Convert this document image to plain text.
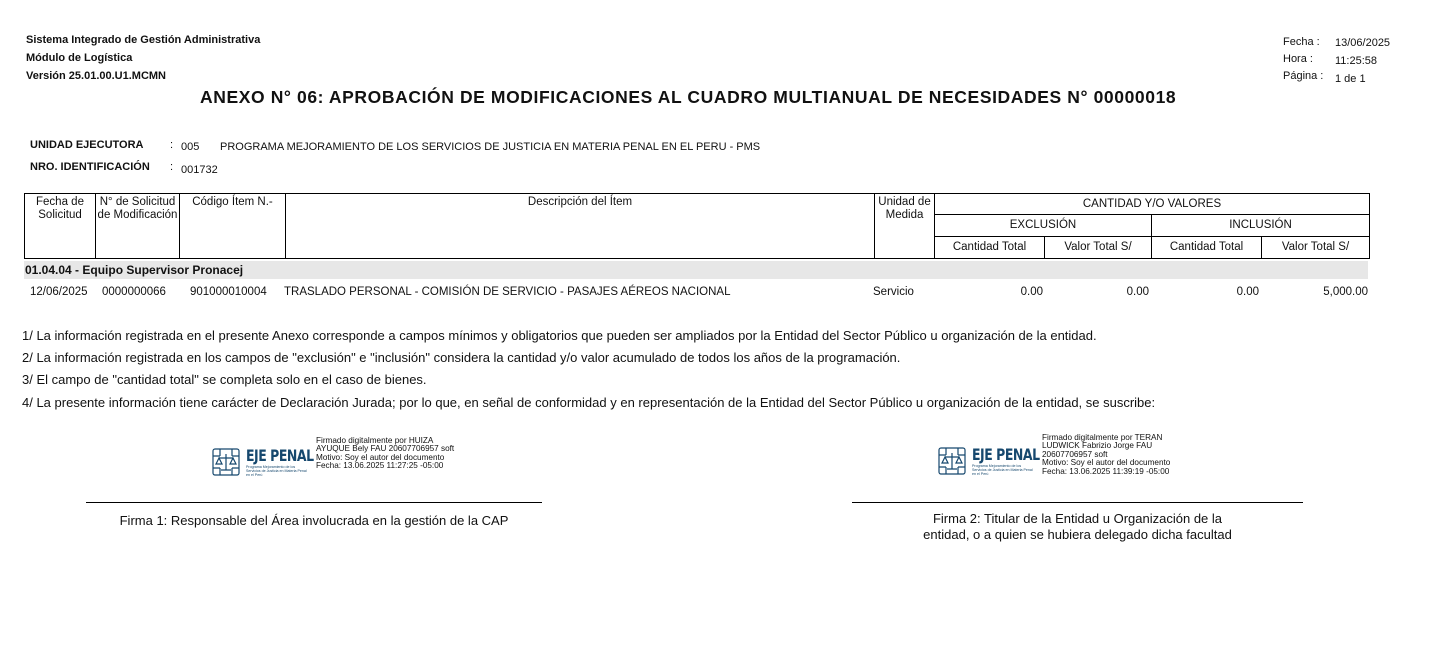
Sistema Integrado de Gestión Administrativa
Módulo de Logística
Versión 25.01.00.U1.MCMN
Fecha : 13/06/2025
Hora : 11:25:58
Página : 1 de 1
ANEXO N° 06: APROBACIÓN DE MODIFICACIONES AL CUADRO MULTIANUAL DE NECESIDADES N° 00000018
UNIDAD EJECUTORA : 005 PROGRAMA MEJORAMIENTO DE LOS SERVICIOS DE JUSTICIA EN MATERIA PENAL EN EL PERU - PMS
NRO. IDENTIFICACIÓN : 001732
Fecha de Solicitud	N° de Solicitud de Modificación	Código Ítem N.-	Descripción del Ítem	Unidad de Medida	CANTIDAD Y/O VALORES			
					EXCLUSIÓN		INCLUSIÓN	
					Cantidad Total	Valor Total S/	Cantidad Total	Valor Total S/
01.04.04 - Equipo Supervisor Pronacej
12/06/2025 0000000066 901000010004 TRASLADO PERSONAL - COMISIÓN DE SERVICIO - PASAJES AÉREOS NACIONAL	Servicio	0.00	0.00	0.00	5,000.00
1/ La información registrada en el presente Anexo corresponde a campos mínimos y obligatorios que pueden ser ampliados por la Entidad del Sector Público u organización de la entidad.
2/ La información registrada en los campos de "exclusión" e "inclusión" considera la cantidad y/o valor acumulado de todos los años de la programación.
3/ El campo de "cantidad total" se completa solo en el caso de bienes.
4/ La presente información tiene carácter de Declaración Jurada; por lo que, en señal de conformidad y en representación de la Entidad del Sector Público u organización de la entidad, se suscribe:
EJE PENAL
Programa Mejoramiento de los Servicios de Justicia en Materia Penal en el Perú
Firmado digitalmente por HUIZA
AYUQUE Bely FAU 20607706957 soft
Motivo: Soy el autor del documento
Fecha: 13.06.2025 11:27:25 -05:00
Firma 1: Responsable del Área involucrada en la gestión de la CAP
EJE PENAL
Programa Mejoramiento de los Servicios de Justicia en Materia Penal en el Perú
Firmado digitalmente por TERAN
LUDWICK Fabrizio Jorge FAU
20607706957 soft
Motivo: Soy el autor del documento
Fecha: 13.06.2025 11:39:19 -05:00
Firma 2: Titular de la Entidad u Organización de la
entidad, o a quien se hubiera delegado dicha facultad
